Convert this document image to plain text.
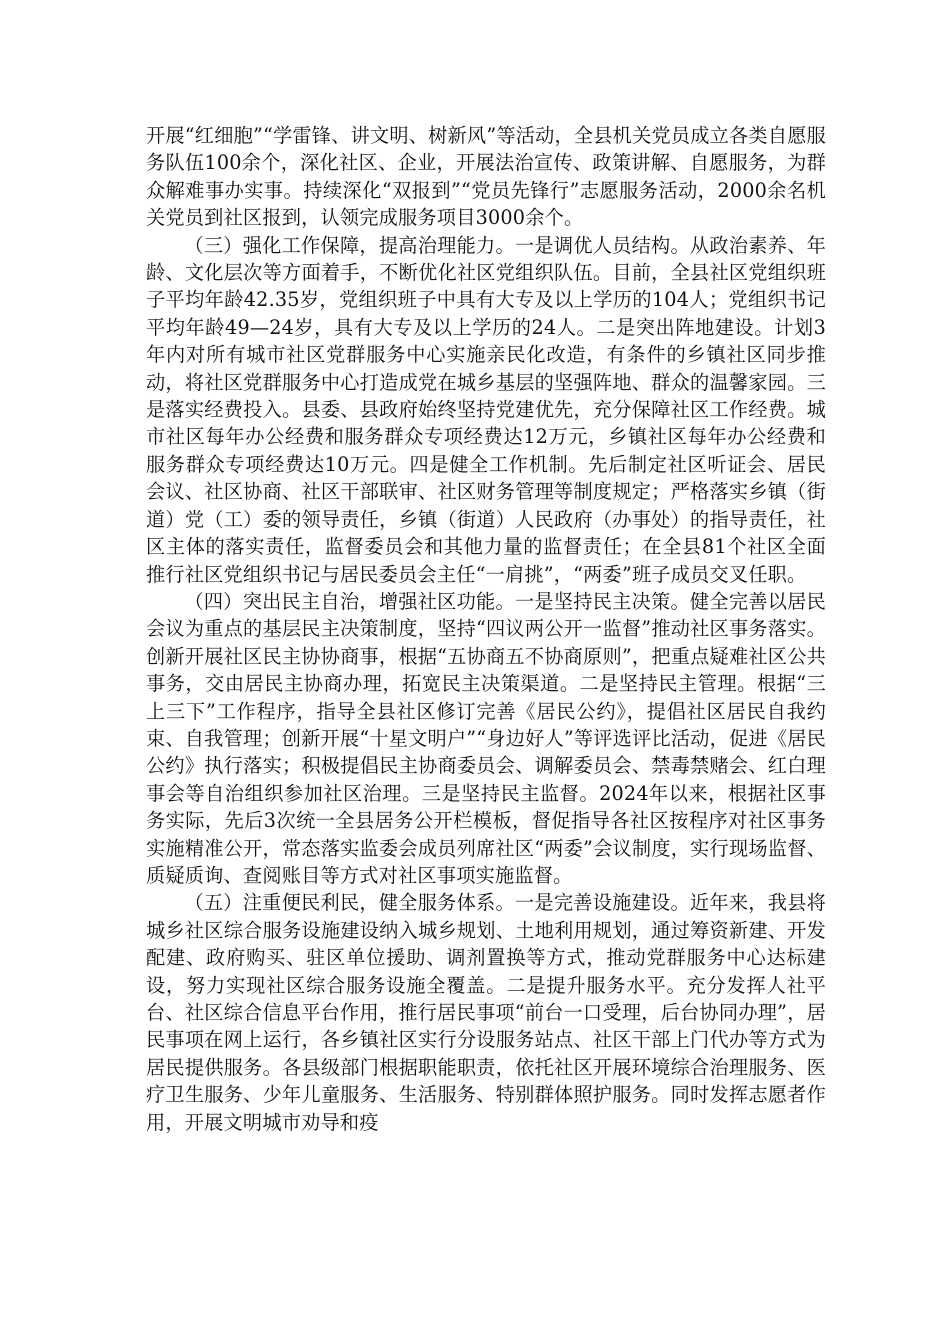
开展“红细胞”“学雷锋、讲文明、树新风”等活动，全县机关党员成立各类自愿服务队伍100余个，深化社区、企业，开展法治宣传、政策讲解、自愿服务，为群众解难事办实事。持续深化“双报到”“党员先锋行”志愿服务活动，2000余名机关党员到社区报到，认领完成服务项目3000余个。

（三）强化工作保障，提高治理能力。一是调优人员结构。从政治素养、年龄、文化层次等方面着手，不断优化社区党组织队伍。目前，全县社区党组织班子平均年龄42.35岁，党组织班子中具有大专及以上学历的104人；党组织书记平均年龄49—24岁，具有大专及以上学历的24人。二是突出阵地建设。计划3年内对所有城市社区党群服务中心实施亲民化改造，有条件的乡镇社区同步推动，将社区党群服务中心打造成党在城乡基层的坚强阵地、群众的温馨家园。三是落实经费投入。县委、县政府始终坚持党建优先，充分保障社区工作经费。城市社区每年办公经费和服务群众专项经费达12万元，乡镇社区每年办公经费和服务群众专项经费达10万元。四是健全工作机制。先后制定社区听证会、居民会议、社区协商、社区干部联审、社区财务管理等制度规定；严格落实乡镇（街道）党（工）委的领导责任，乡镇（街道）人民政府（办事处）的指导责任，社区主体的落实责任，监督委员会和其他力量的监督责任；在全县81个社区全面推行社区党组织书记与居民委员会主任“一肩挑”，“两委”班子成员交叉任职。

（四）突出民主自治，增强社区功能。一是坚持民主决策。健全完善以居民会议为重点的基层民主决策制度，坚持“四议两公开一监督”推动社区事务落实。创新开展社区民主协协商事，根据“五协商五不协商原则”，把重点疑难社区公共事务，交由居民主协商办理，拓宽民主决策渠道。二是坚持民主管理。根据“三上三下”工作程序，指导全县社区修订完善《居民公约》，提倡社区居民自我约束、自我管理；创新开展“十星文明户”“身边好人”等评选评比活动，促进《居民公约》执行落实；积极提倡民主协商委员会、调解委员会、禁毒禁赌会、红白理事会等自治组织参加社区治理。三是坚持民主监督。2024年以来，根据社区事务实际，先后3次统一全县居务公开栏模板，督促指导各社区按程序对社区事务实施精准公开，常态落实监委会成员列席社区“两委”会议制度，实行现场监督、质疑质询、查阅账目等方式对社区事项实施监督。

（五）注重便民利民，健全服务体系。一是完善设施建设。近年来，我县将城乡社区综合服务设施建设纳入城乡规划、土地利用规划，通过筹资新建、开发配建、政府购买、驻区单位援助、调剂置换等方式，推动党群服务中心达标建设，努力实现社区综合服务设施全覆盖。二是提升服务水平。充分发挥人社平台、社区综合信息平台作用，推行居民事项“前台一口受理，后台协同办理”，居民事项在网上运行，各乡镇社区实行分设服务站点、社区干部上门代办等方式为居民提供服务。各县级部门根据职能职责，依托社区开展环境综合治理服务、医疗卫生服务、少年儿童服务、生活服务、特别群体照护服务。同时发挥志愿者作用，开展文明城市劝导和疫
